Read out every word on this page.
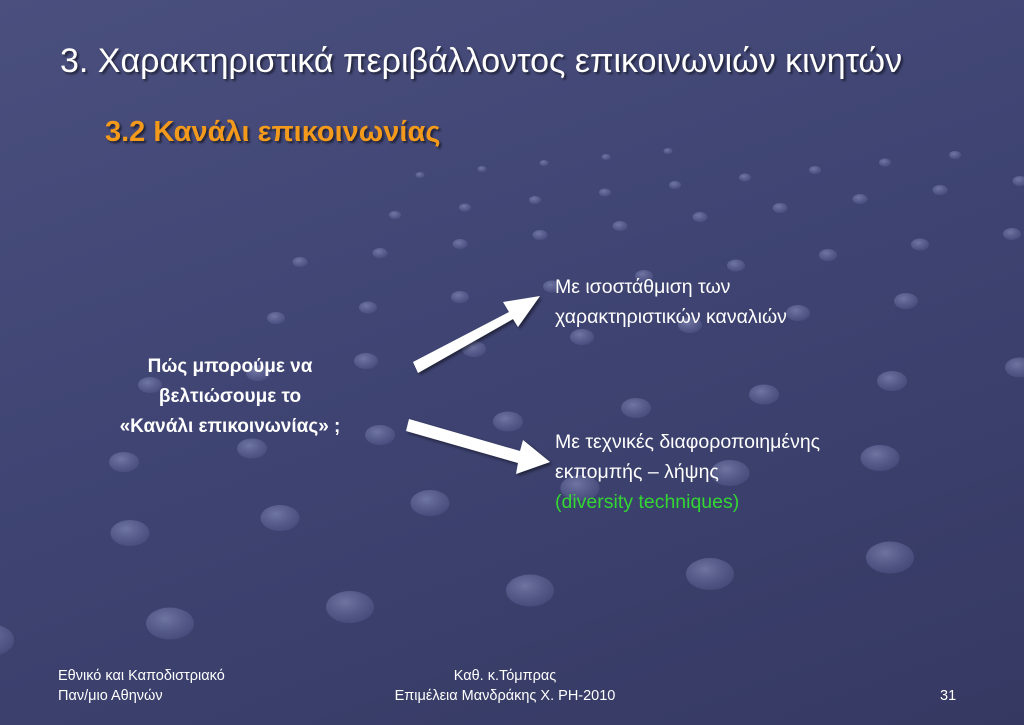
3. Χαρακτηριστικά περιβάλλοντος επικοινωνιών κινητών
3.2 Κανάλι επικοινωνίας
Πώς μπορούμε να
βελτιώσουμε το
«Κανάλι επικοινωνίας» ;
Με ισοστάθμιση των
χαρακτηριστικών καναλιών
Με τεχνικές διαφοροποιημένης
εκπομπής – λήψης
(diversity techniques)
Εθνικό και Καποδιστριακό
Παν/μιο Αθηνών
Καθ. κ.Τόμπρας
Επιμέλεια Μανδράκης Χ. PH-2010	31
